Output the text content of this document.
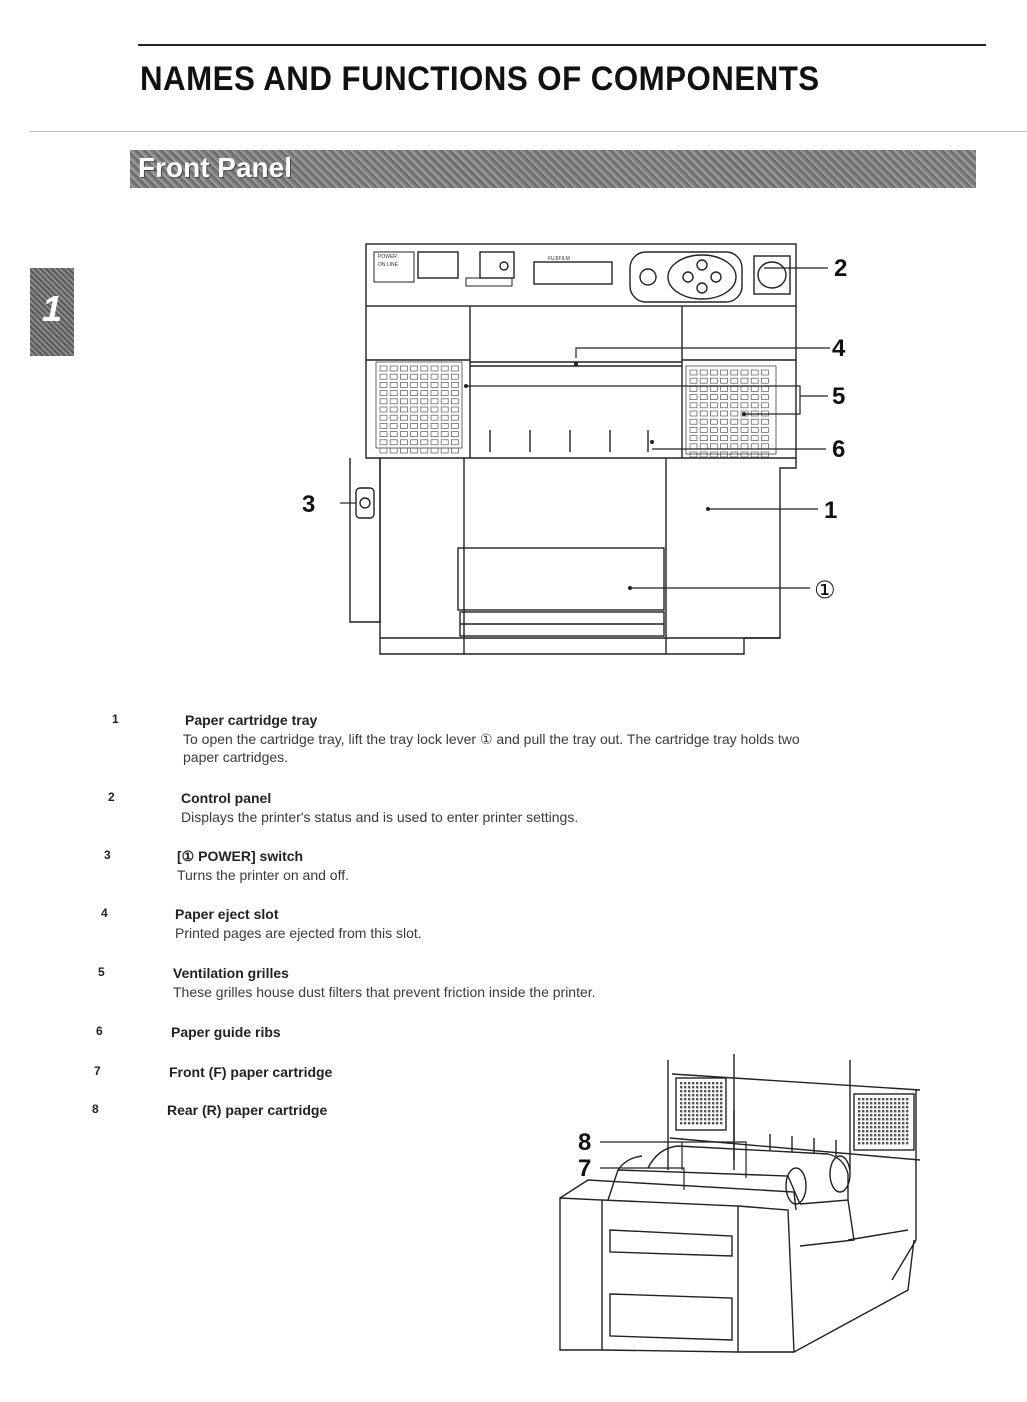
NAMES AND FUNCTIONS OF COMPONENTS
Front Panel
1
POWER
ON LINE
FUJIFILM	2
4
5
6
3	1
①
1	Paper cartridge tray
To open the cartridge tray, lift the tray lock lever ① and pull the tray out. The cartridge tray holds two
paper cartridges.
2	Control panel
Displays the printer's status and is used to enter printer settings.
3	[① POWER] switch
Turns the printer on and off.
4	Paper eject slot
Printed pages are ejected from this slot.
5	Ventilation grilles
These grilles house dust filters that prevent friction inside the printer.
6	Paper guide ribs
7	Front (F) paper cartridge
8	Rear (R) paper cartridge
8
7
